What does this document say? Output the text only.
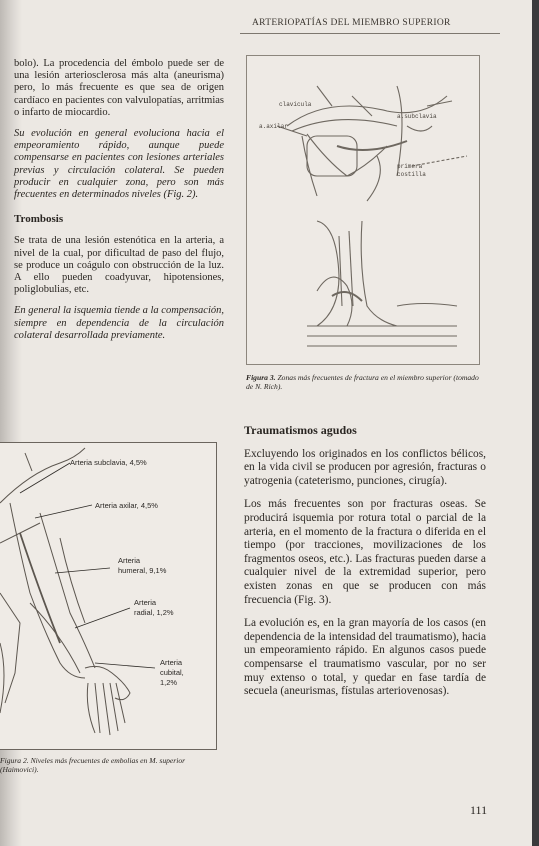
ARTERIOPATÍAS DEL MIEMBRO SUPERIOR

bolo). La procedencia del émbolo puede ser de una lesión arteriosclerosa más alta (aneurisma) pero, lo más frecuente es que sea de origen cardíaco en pacientes con valvulopatías, arritmias o infarto de miocardio.

Su evolución en general evoluciona hacia el empeoramiento rápido, aunque puede compensarse en pacientes con lesiones arteriales previas y circulación colateral. Se pueden producir en cualquier zona, pero son más frecuentes en determinados niveles (Fig. 2).

Trombosis

Se trata de una lesión estenótica en la arteria, a nivel de la cual, por dificultad de paso del flujo, se produce un coágulo con obstrucción de la luz. A ello pueden coadyuvar, hipotensiones, poliglobulias, etc.

En general la isquemia tiende a la compensación, siempre en dependencia de la circulación colateral desarrollada previamente.

clavícula
a.subclavia
a.axilar
primera
costilla
Figura 3. Zonas más frecuentes de fractura en el miembro superior (tomado de N. Rich).
Arteria subclavia, 4,5%
Arteria axilar, 4,5%
Arteria
humeral, 9,1%
Arteria
radial, 1,2%
Arteria
cubital,
1,2%
Figura 2. Niveles más frecuentes de embolias en M. superior (Haimovici).
Traumatismos agudos

Excluyendo los originados en los conflictos bélicos, en la vida civil se producen por agresión, fracturas o yatrogenia (cateterismo, punciones, cirugía).

Los más frecuentes son por fracturas oseas. Se producirá isquemia por rotura total o parcial de la arteria, en el momento de la fractura o diferida en el tiempo (por tracciones, movilizaciones de los fragmentos oseos, etc.). Las fracturas pueden darse a cualquier nivel de la extremidad superior, pero existen zonas en que se producen con más frecuencia (Fig. 3).

La evolución es, en la gran mayoría de los casos (en dependencia de la intensidad del traumatismo), hacia un empeoramiento rápido. En algunos casos puede compensarse el traumatismo vascular, por no ser muy extenso o total, y quedar en fase tardía de secuela (aneurismas, fístulas arteriovenosas).

111
